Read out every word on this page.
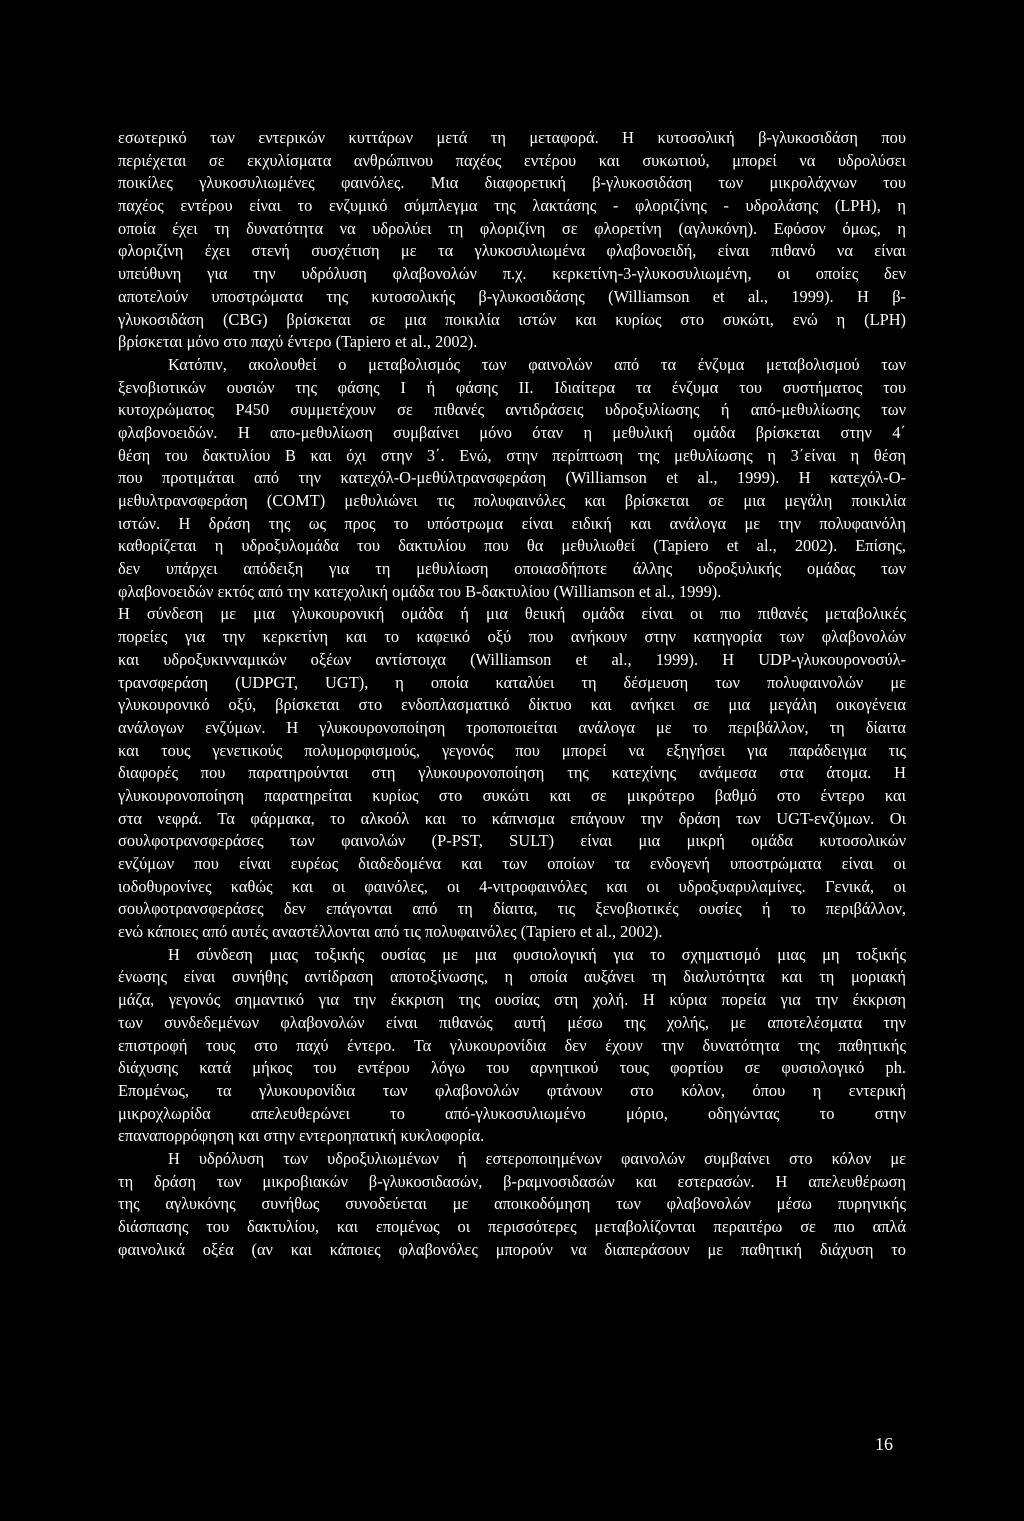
εσωτερικό των εντερικών κυττάρων μετά τη μεταφορά. Η κυτοσολική β-γλυκοσιδάση που
περιέχεται σε εκχυλίσματα ανθρώπινου παχέος εντέρου και συκωτιού, μπορεί να υδρολύσει
ποικίλες γλυκοσυλιωμένες φαινόλες. Μια διαφορετική β-γλυκοσιδάση των μικρολάχνων του
παχέος εντέρου είναι το ενζυμικό σύμπλεγμα της λακτάσης - φλοριζίνης - υδρολάσης (LPH), η
οποία έχει τη δυνατότητα να υδρολύει τη φλοριζίνη σε φλορετίνη (αγλυκόνη). Εφόσον όμως, η
φλοριζίνη έχει στενή συσχέτιση με τα γλυκοσυλιωμένα φλαβονοειδή, είναι πιθανό να είναι
υπεύθυνη για την υδρόλυση φλαβονολών π.χ. κερκετίνη-3-γλυκοσυλιωμένη, οι οποίες δεν
αποτελούν υποστρώματα της κυτοσολικής β-γλυκοσιδάσης (Williamson et al., 1999). Η β-
γλυκοσιδάση (CBG) βρίσκεται σε μια ποικιλία ιστών και κυρίως στο συκώτι, ενώ η (LPH)
βρίσκεται μόνο στο παχύ έντερο (Tapiero et al., 2002).
Κατόπιν, ακολουθεί ο μεταβολισμός των φαινολών από τα ένζυμα μεταβολισμού των
ξενοβιοτικών ουσιών της φάσης Ι ή φάσης ΙΙ. Ιδιαίτερα τα ένζυμα του συστήματος του
κυτοχρώματος P450 συμμετέχουν σε πιθανές αντιδράσεις υδροξυλίωσης ή από-μεθυλίωσης των
φλαβονοειδών. Η απο-μεθυλίωση συμβαίνει μόνο όταν η μεθυλική ομάδα βρίσκεται στην 4΄
θέση του δακτυλίου Β και όχι στην 3΄. Ενώ, στην περίπτωση της μεθυλίωσης η 3΄είναι η θέση
που προτιμάται από την κατεχόλ-Ο-μεθύλτρανσφεράση (Williamson et al., 1999). Η κατεχόλ-Ο-
μεθυλτρανσφεράση (COMT) μεθυλιώνει τις πολυφαινόλες και βρίσκεται σε μια μεγάλη ποικιλία
ιστών. Η δράση της ως προς το υπόστρωμα είναι ειδική και ανάλογα με την πολυφαινόλη
καθορίζεται η υδροξυλομάδα του δακτυλίου που θα μεθυλιωθεί (Tapiero et al., 2002). Επίσης,
δεν υπάρχει απόδειξη για τη μεθυλίωση οποιασδήποτε άλλης υδροξυλικής ομάδας των
φλαβονοειδών εκτός από την κατεχολική ομάδα του Β-δακτυλίου (Williamson et al., 1999).
Η σύνδεση με μια γλυκουρονική ομάδα ή μια θειική ομάδα είναι οι πιο πιθανές μεταβολικές
πορείες για την κερκετίνη και το καφεικό οξύ που ανήκουν στην κατηγορία των φλαβονολών
και υδροξυκινναμικών οξέων αντίστοιχα (Williamson et al., 1999). Η UDP-γλυκουρονοσύλ-
τρανσφεράση (UDPGT, UGT), η οποία καταλύει τη δέσμευση των πολυφαινολών με
γλυκουρονικό οξύ, βρίσκεται στο ενδοπλασματικό δίκτυο και ανήκει σε μια μεγάλη οικογένεια
ανάλογων ενζύμων. Η γλυκουρονοποίηση τροποποιείται ανάλογα με το περιβάλλον, τη δίαιτα
και τους γενετικούς πολυμορφισμούς, γεγονός που μπορεί να εξηγήσει για παράδειγμα τις
διαφορές που παρατηρούνται στη γλυκουρονοποίηση της κατεχίνης ανάμεσα στα άτομα. Η
γλυκουρονοποίηση παρατηρείται κυρίως στο συκώτι και σε μικρότερο βαθμό στο έντερο και
στα νεφρά. Τα φάρμακα, το αλκοόλ και το κάπνισμα επάγουν την δράση των UGT-ενζύμων. Οι
σουλφοτρανσφεράσες των φαινολών (P-PST, SULT) είναι μια μικρή ομάδα κυτοσολικών
ενζύμων που είναι ευρέως διαδεδομένα και των οποίων τα ενδογενή υποστρώματα είναι οι
ιοδοθυρονίνες καθώς και οι φαινόλες, οι 4-νιτροφαινόλες και οι υδροξυαρυλαμίνες. Γενικά, οι
σουλφοτρανσφεράσες δεν επάγονται από τη δίαιτα, τις ξενοβιοτικές ουσίες ή το περιβάλλον,
ενώ κάποιες από αυτές αναστέλλονται από τις πολυφαινόλες (Tapiero et al., 2002).
Η σύνδεση μιας τοξικής ουσίας με μια φυσιολογική για το σχηματισμό μιας μη τοξικής
ένωσης είναι συνήθης αντίδραση αποτοξίνωσης, η οποία αυξάνει τη διαλυτότητα και τη μοριακή
μάζα, γεγονός σημαντικό για την έκκριση της ουσίας στη χολή. Η κύρια πορεία για την έκκριση
των συνδεδεμένων φλαβονολών είναι πιθανώς αυτή μέσω της χολής, με αποτελέσματα την
επιστροφή τους στο παχύ έντερο. Τα γλυκουρονίδια δεν έχουν την δυνατότητα της παθητικής
διάχυσης κατά μήκος του εντέρου λόγω του αρνητικού τους φορτίου σε φυσιολογικό ph.
Επομένως, τα γλυκουρονίδια των φλαβονολών φτάνουν στο κόλον, όπου η εντερική
μικροχλωρίδα απελευθερώνει το από-γλυκοσυλιωμένο μόριο, οδηγώντας το στην
επαναπορρόφηση και στην εντεροηπατική κυκλοφορία.
Η υδρόλυση των υδροξυλιωμένων ή εστεροποιημένων φαινολών συμβαίνει στο κόλον με
τη δράση των μικροβιακών β-γλυκοσιδασών, β-ραμνοσιδασών και εστερασών. Η απελευθέρωση
της αγλυκόνης συνήθως συνοδεύεται με αποικοδόμηση των φλαβονολών μέσω πυρηνικής
διάσπασης του δακτυλίου, και επομένως οι περισσότερες μεταβολίζονται περαιτέρω σε πιο απλά
φαινολικά οξέα (αν και κάποιες φλαβονόλες μπορούν να διαπεράσουν με παθητική διάχυση το
16
